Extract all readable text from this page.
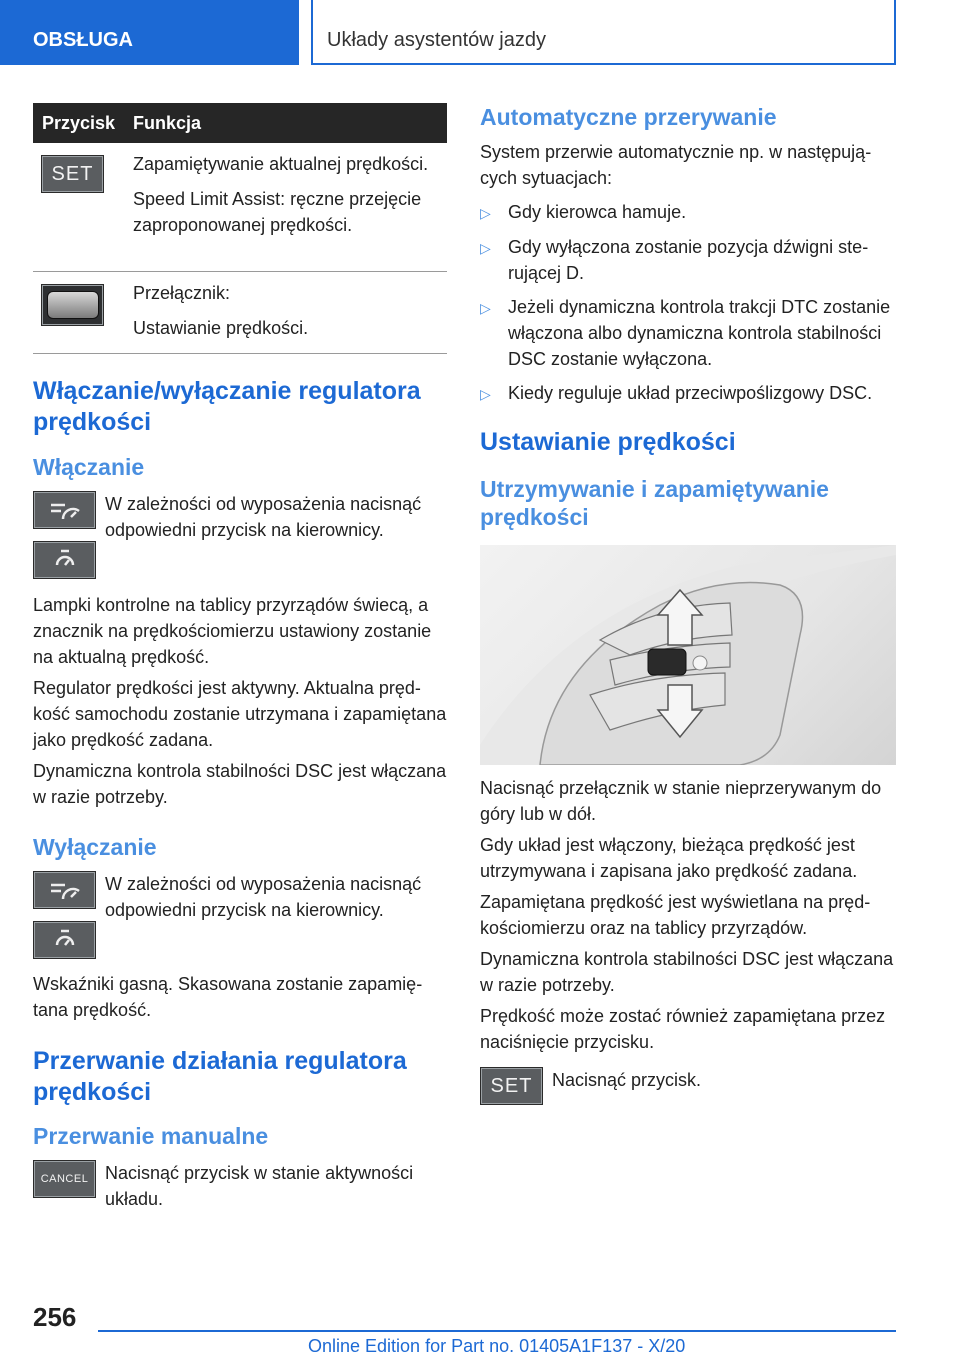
OBSŁUGA	Układy asystentów jazdy
Przycisk	Funkcja

SET	Zapamiętywanie aktualnej prędkości.

Speed Limit Assist: ręczne przejęcie zaproponowanej prędkości.

	Przełącznik:

Ustawianie prędkości.

Włączanie/wyłączanie regulatora prędkości
Włączanie
W zależności od wyposażenia nacisnąć odpowiedni przycisk na kierownicy.

Lampki kontrolne na tablicy przyrządów świecą, a znacznik na prędkościomierzu ustawiony zostanie na aktualną prędkość.

Regulator prędkości jest aktywny. Aktualna prędkość samochodu zostanie utrzymana i zapamiętana jako prędkość zadana.

Dynamiczna kontrola stabilności DSC jest włączana w razie potrzeby.

Wyłączanie
W zależności od wyposażenia nacisnąć odpowiedni przycisk na kierownicy.

Wskaźniki gasną. Skasowana zostanie zapamiętana prędkość.

Przerwanie działania regulatora prędkości
Przerwanie manualne
CANCEL Nacisnąć przycisk w stanie aktywności układu.
Automatyczne przerywanie

System przerwie automatycznie np. w następujących sytuacjach:

▷ Gdy kierowca hamuje.
▷ Gdy wyłączona zostanie pozycja dźwigni sterującej D.
▷ Jeżeli dynamiczna kontrola trakcji DTC zostanie włączona albo dynamiczna kontrola stabilności DSC zostanie wyłączona.
▷ Kiedy reguluje układ przeciwpoślizgowy DSC.
Ustawianie prędkości
Utrzymywanie i zapamiętywanie prędkości

Nacisnąć przełącznik w stanie nieprzerywanym do góry lub w dół.

Gdy układ jest włączony, bieżąca prędkość jest utrzymywana i zapisana jako prędkość zadana.

Zapamiętana prędkość jest wyświetlana na prędkościomierzu oraz na tablicy przyrządów.

Dynamiczna kontrola stabilności DSC jest włączana w razie potrzeby.

Prędkość może zostać również zapamiętana przez naciśnięcie przycisku.

SET	Nacisnąć przycisk.
256
Online Edition for Part no. 01405A1F137 - X/20
